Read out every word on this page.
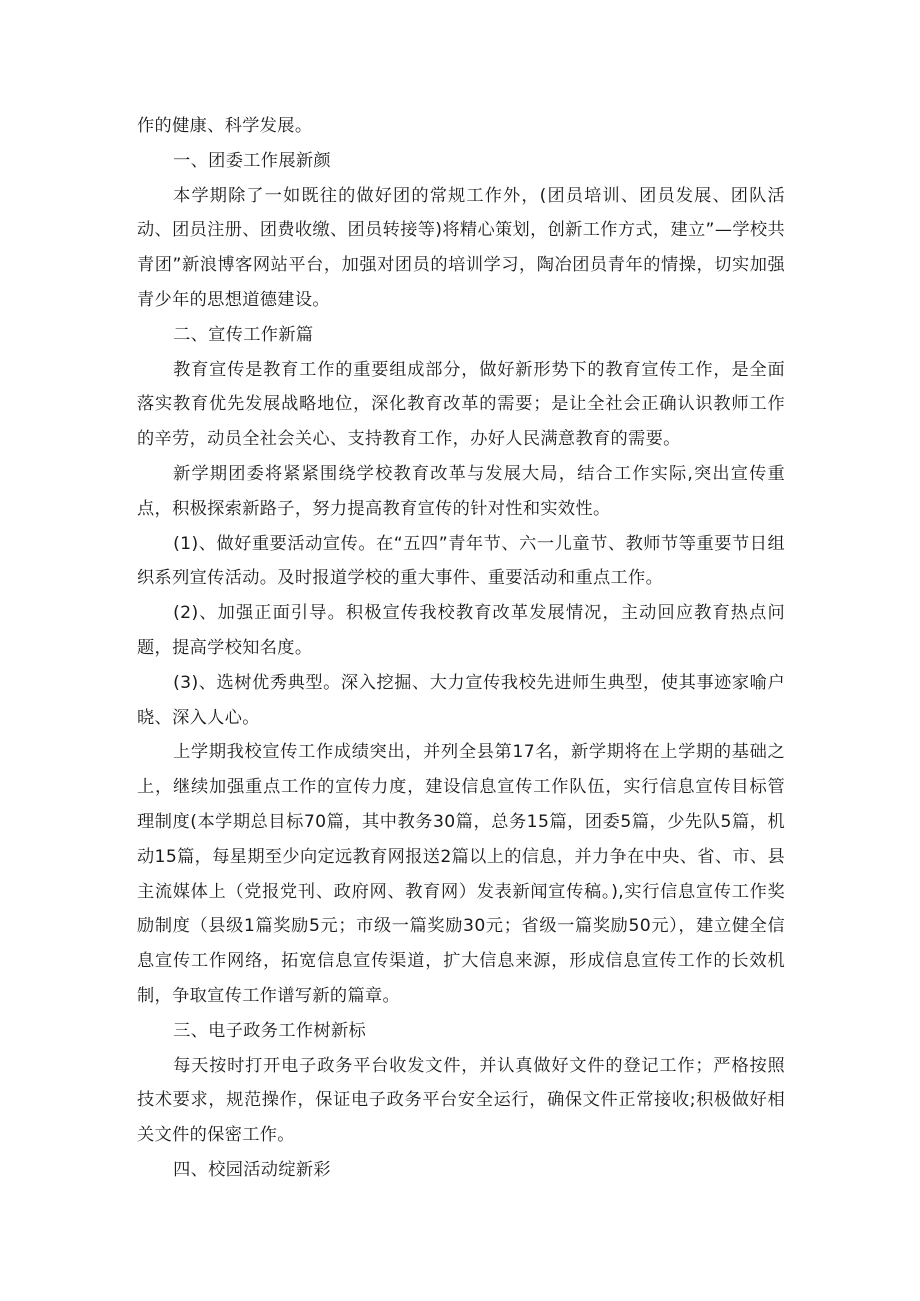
作的健康、科学发展。

一、团委工作展新颜

本学期除了一如既往的做好团的常规工作外，(团员培训、团员发展、团队活动、团员注册、团费收缴、团员转接等)将精心策划，创新工作方式，建立”—学校共青团”新浪博客网站平台，加强对团员的培训学习，陶冶团员青年的情操，切实加强青少年的思想道德建设。

二、宣传工作新篇

教育宣传是教育工作的重要组成部分，做好新形势下的教育宣传工作，是全面落实教育优先发展战略地位，深化教育改革的需要；是让全社会正确认识教师工作的辛劳，动员全社会关心、支持教育工作，办好人民满意教育的需要。

新学期团委将紧紧围绕学校教育改革与发展大局，结合工作实际,突出宣传重点，积极探索新路子，努力提高教育宣传的针对性和实效性。

(1)、做好重要活动宣传。在“五四”青年节、六一儿童节、教师节等重要节日组织系列宣传活动。及时报道学校的重大事件、重要活动和重点工作。

(2)、加强正面引导。积极宣传我校教育改革发展情况，主动回应教育热点问题，提高学校知名度。

(3)、选树优秀典型。深入挖掘、大力宣传我校先进师生典型，使其事迹家喻户晓、深入人心。

上学期我校宣传工作成绩突出，并列全县第17名，新学期将在上学期的基础之上，继续加强重点工作的宣传力度，建设信息宣传工作队伍，实行信息宣传目标管理制度(本学期总目标70篇，其中教务30篇，总务15篇，团委5篇，少先队5篇，机动15篇，每星期至少向定远教育网报送2篇以上的信息，并力争在中央、省、市、县主流媒体上（党报党刊、政府网、教育网）发表新闻宣传稿。),实行信息宣传工作奖励制度（县级1篇奖励5元；市级一篇奖励30元；省级一篇奖励50元），建立健全信息宣传工作网络，拓宽信息宣传渠道，扩大信息来源，形成信息宣传工作的长效机制，争取宣传工作谱写新的篇章。

三、电子政务工作树新标

每天按时打开电子政务平台收发文件，并认真做好文件的登记工作；严格按照技术要求，规范操作，保证电子政务平台安全运行，确保文件正常接收;积极做好相关文件的保密工作。

四、校园活动绽新彩
